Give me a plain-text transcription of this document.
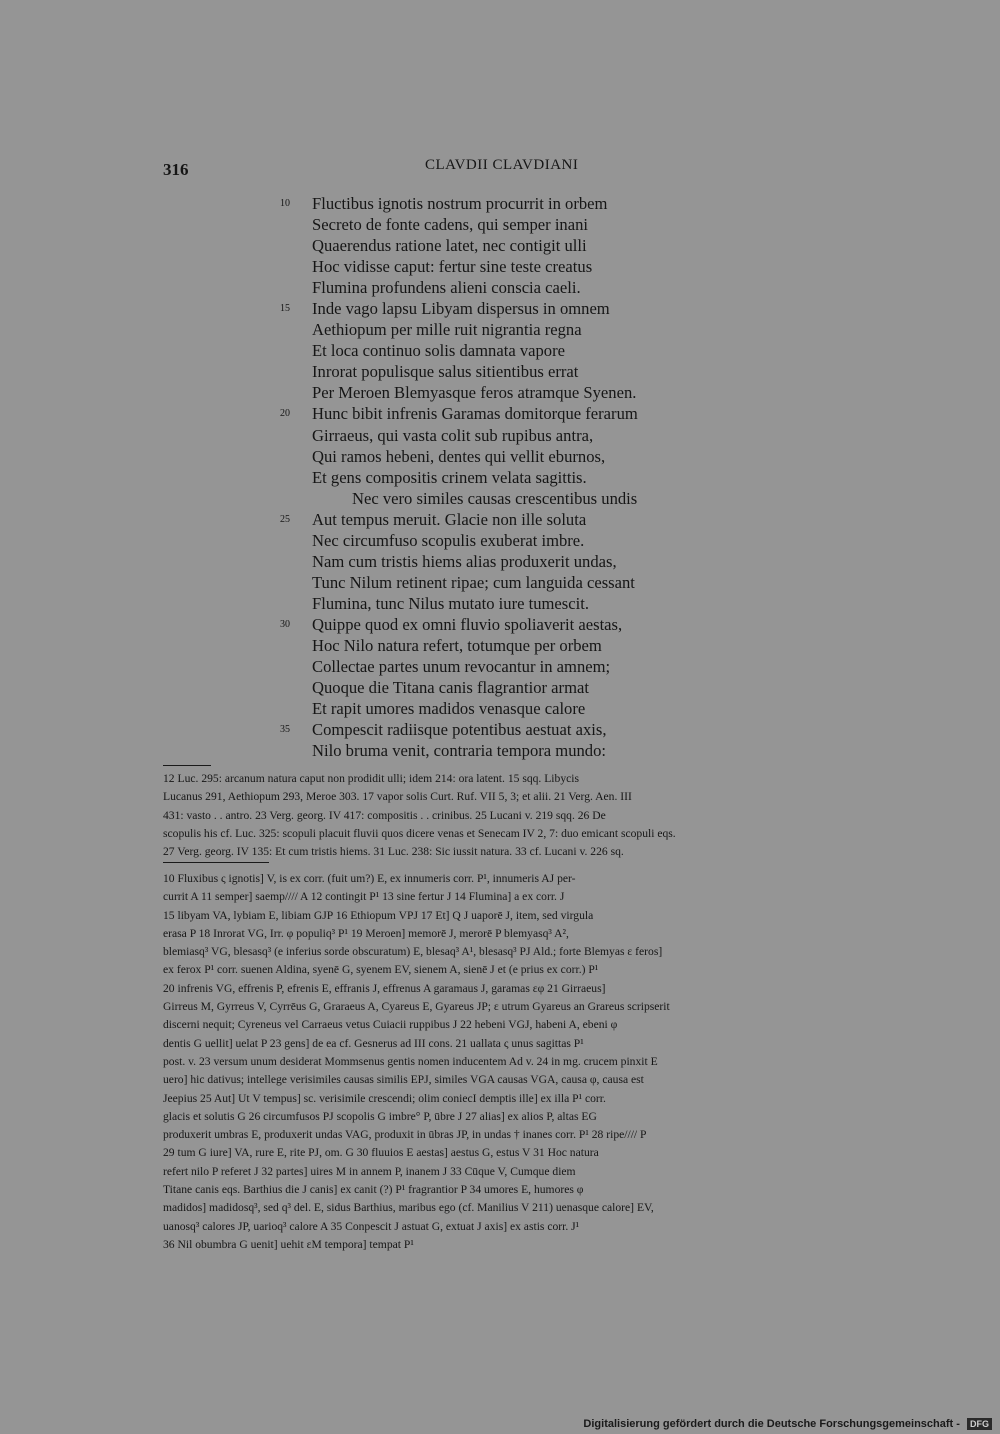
316	CLAVDII CLAVDIANI
10 Fluctibus ignotis nostrum procurrit in orbem
Secreto de fonte cadens, qui semper inani
Quaerendus ratione latet, nec contigit ulli
Hoc vidisse caput: fertur sine teste creatus
Flumina profundens alieni conscia caeli.
15 Inde vago lapsu Libyam dispersus in omnem
Aethiopum per mille ruit nigrantia regna
Et loca continuo solis damnata vapore
Inrorat populisque salus sitientibus errat
Per Meroen Blemyasque feros atramque Syenen.
20 Hunc bibit infrenis Garamas domitorque ferarum
Girraeus, qui vasta colit sub rupibus antra,
Qui ramos hebeni, dentes qui vellit eburnos,
Et gens compositis crinem velata sagittis.
Nec vero similes causas crescentibus undis
25 Aut tempus meruit. Glacie non ille soluta
Nec circumfuso scopulis exuberat imbre.
Nam cum tristis hiems alias produxerit undas,
Tunc Nilum retinent ripae; cum languida cessant
Flumina, tunc Nilus mutato iure tumescit.
30 Quippe quod ex omni fluvio spoliaverit aestas,
Hoc Nilo natura refert, totumque per orbem
Collectae partes unum revocantur in amnem;
Quoque die Titana canis flagrantior armat
Et rapit umores madidos venasque calore
35 Compescit radiisque potentibus aestuat axis,
Nilo bruma venit, contraria tempora mundo:
12 Luc. 295: arcanum natura caput non prodidit ulli; idem 214: ora latent. 15 sqq. Libycis
Lucanus 291, Aethiopum 293, Meroe 303. 17 vapor solis Curt. Ruf. VII 5, 3; et alii. 21 Verg. Aen. III
431: vasto . . antro. 23 Verg. georg. IV 417: compositis . . crinibus. 25 Lucani v. 219 sqq. 26 De
scopulis his cf. Luc. 325: scopuli placuit fluvii quos dicere venas et Senecam IV 2, 7: duo emicant scopuli eqs.
27 Verg. georg. IV 135: Et cum tristis hiems. 31 Luc. 238: Sic iussit natura. 33 cf. Lucani v. 226 sq.
10 Fluxibus ς ignotis] V, is ex corr. (fuit um?) E, ex innumeris corr. P¹, innumeris AJ per-
currit A 11 semper] saemp//// A 12 contingit P¹ 13 sine fertur J 14 Flumina] a ex corr. J
15 libyam VA, lybiam E, libiam GJP 16 Ethiopum VPJ 17 Et] Q J uaporē J, item, sed virgula
erasa P 18 Inrorat VG, Irr. φ populiq³ P¹ 19 Meroen] memorē J, merorē P blemyasq³ A²,
blemiasq³ VG, blesasq³ (e inferius sorde obscuratum) E, blesaq³ A¹, blesasq³ PJ Ald.; forte Blemyas ε feros]
ex ferox P¹ corr. suenen Aldina, syenē G, syenem EV, sienem A, sienē J et (e prius ex corr.) P¹
20 infrenis VG, effrenis P, efrenis E, effranis J, effrenus A garamaus J, garamas εφ 21 Girraeus]
Girreus M, Gyrreus V, Cyrrēus G, Graraeus A, Cyareus E, Gyareus JP; ε utrum Gyareus an Grareus scripserit
discerni nequit; Cyreneus vel Carraeus vetus Cuiacii ruppibus J 22 hebeni VGJ, habeni A, ebeni φ
dentis G uellit] uelat P 23 gens] de ea cf. Gesnerus ad III cons. 21 uallata ς unus sagittas P¹
post. v. 23 versum unum desiderat Mommsenus gentis nomen inducentem Ad v. 24 in mg. crucem pinxit E
uero] hic dativus; intellege verisimiles causas similis EPJ, similes VGA causas VGA, causa φ, causa est
Jeepius 25 Aut] Ut V tempus] sc. verisimile crescendi; olim coniecI demptis ille] ex illa P¹ corr.
glacis et solutis G 26 circumfusos PJ scopolis G imbre° P, ūbre J 27 alias] ex alios P, altas EG
produxerit umbras E, produxerit undas VAG, produxit in ūbras JP, in undas † inanes corr. P¹ 28 ripe//// P
29 tum G iure] VA, rure E, rite PJ, om. G 30 fluuios E aestas] aestus G, estus V 31 Hoc natura
refert nilo P referet J 32 partes] uires M in annem P, inanem J 33 Cūque V, Cumque diem
Titane canis eqs. Barthius die J canis] ex canit (?) P¹ fragrantior P 34 umores E, humores φ
madidos] madidosq³, sed q³ del. E, sidus Barthius, maribus ego (cf. Manilius V 211) uenasque calore] EV,
uanosq³ calores JP, uarioq³ calore A 35 Conpescit J astuat G, extuat J axis] ex astis corr. J¹
36 Nil obumbra G uenit] uehit εM tempora] tempat P¹
Digitalisierung gefördert durch die Deutsche Forschungsgemeinschaft - DFG
